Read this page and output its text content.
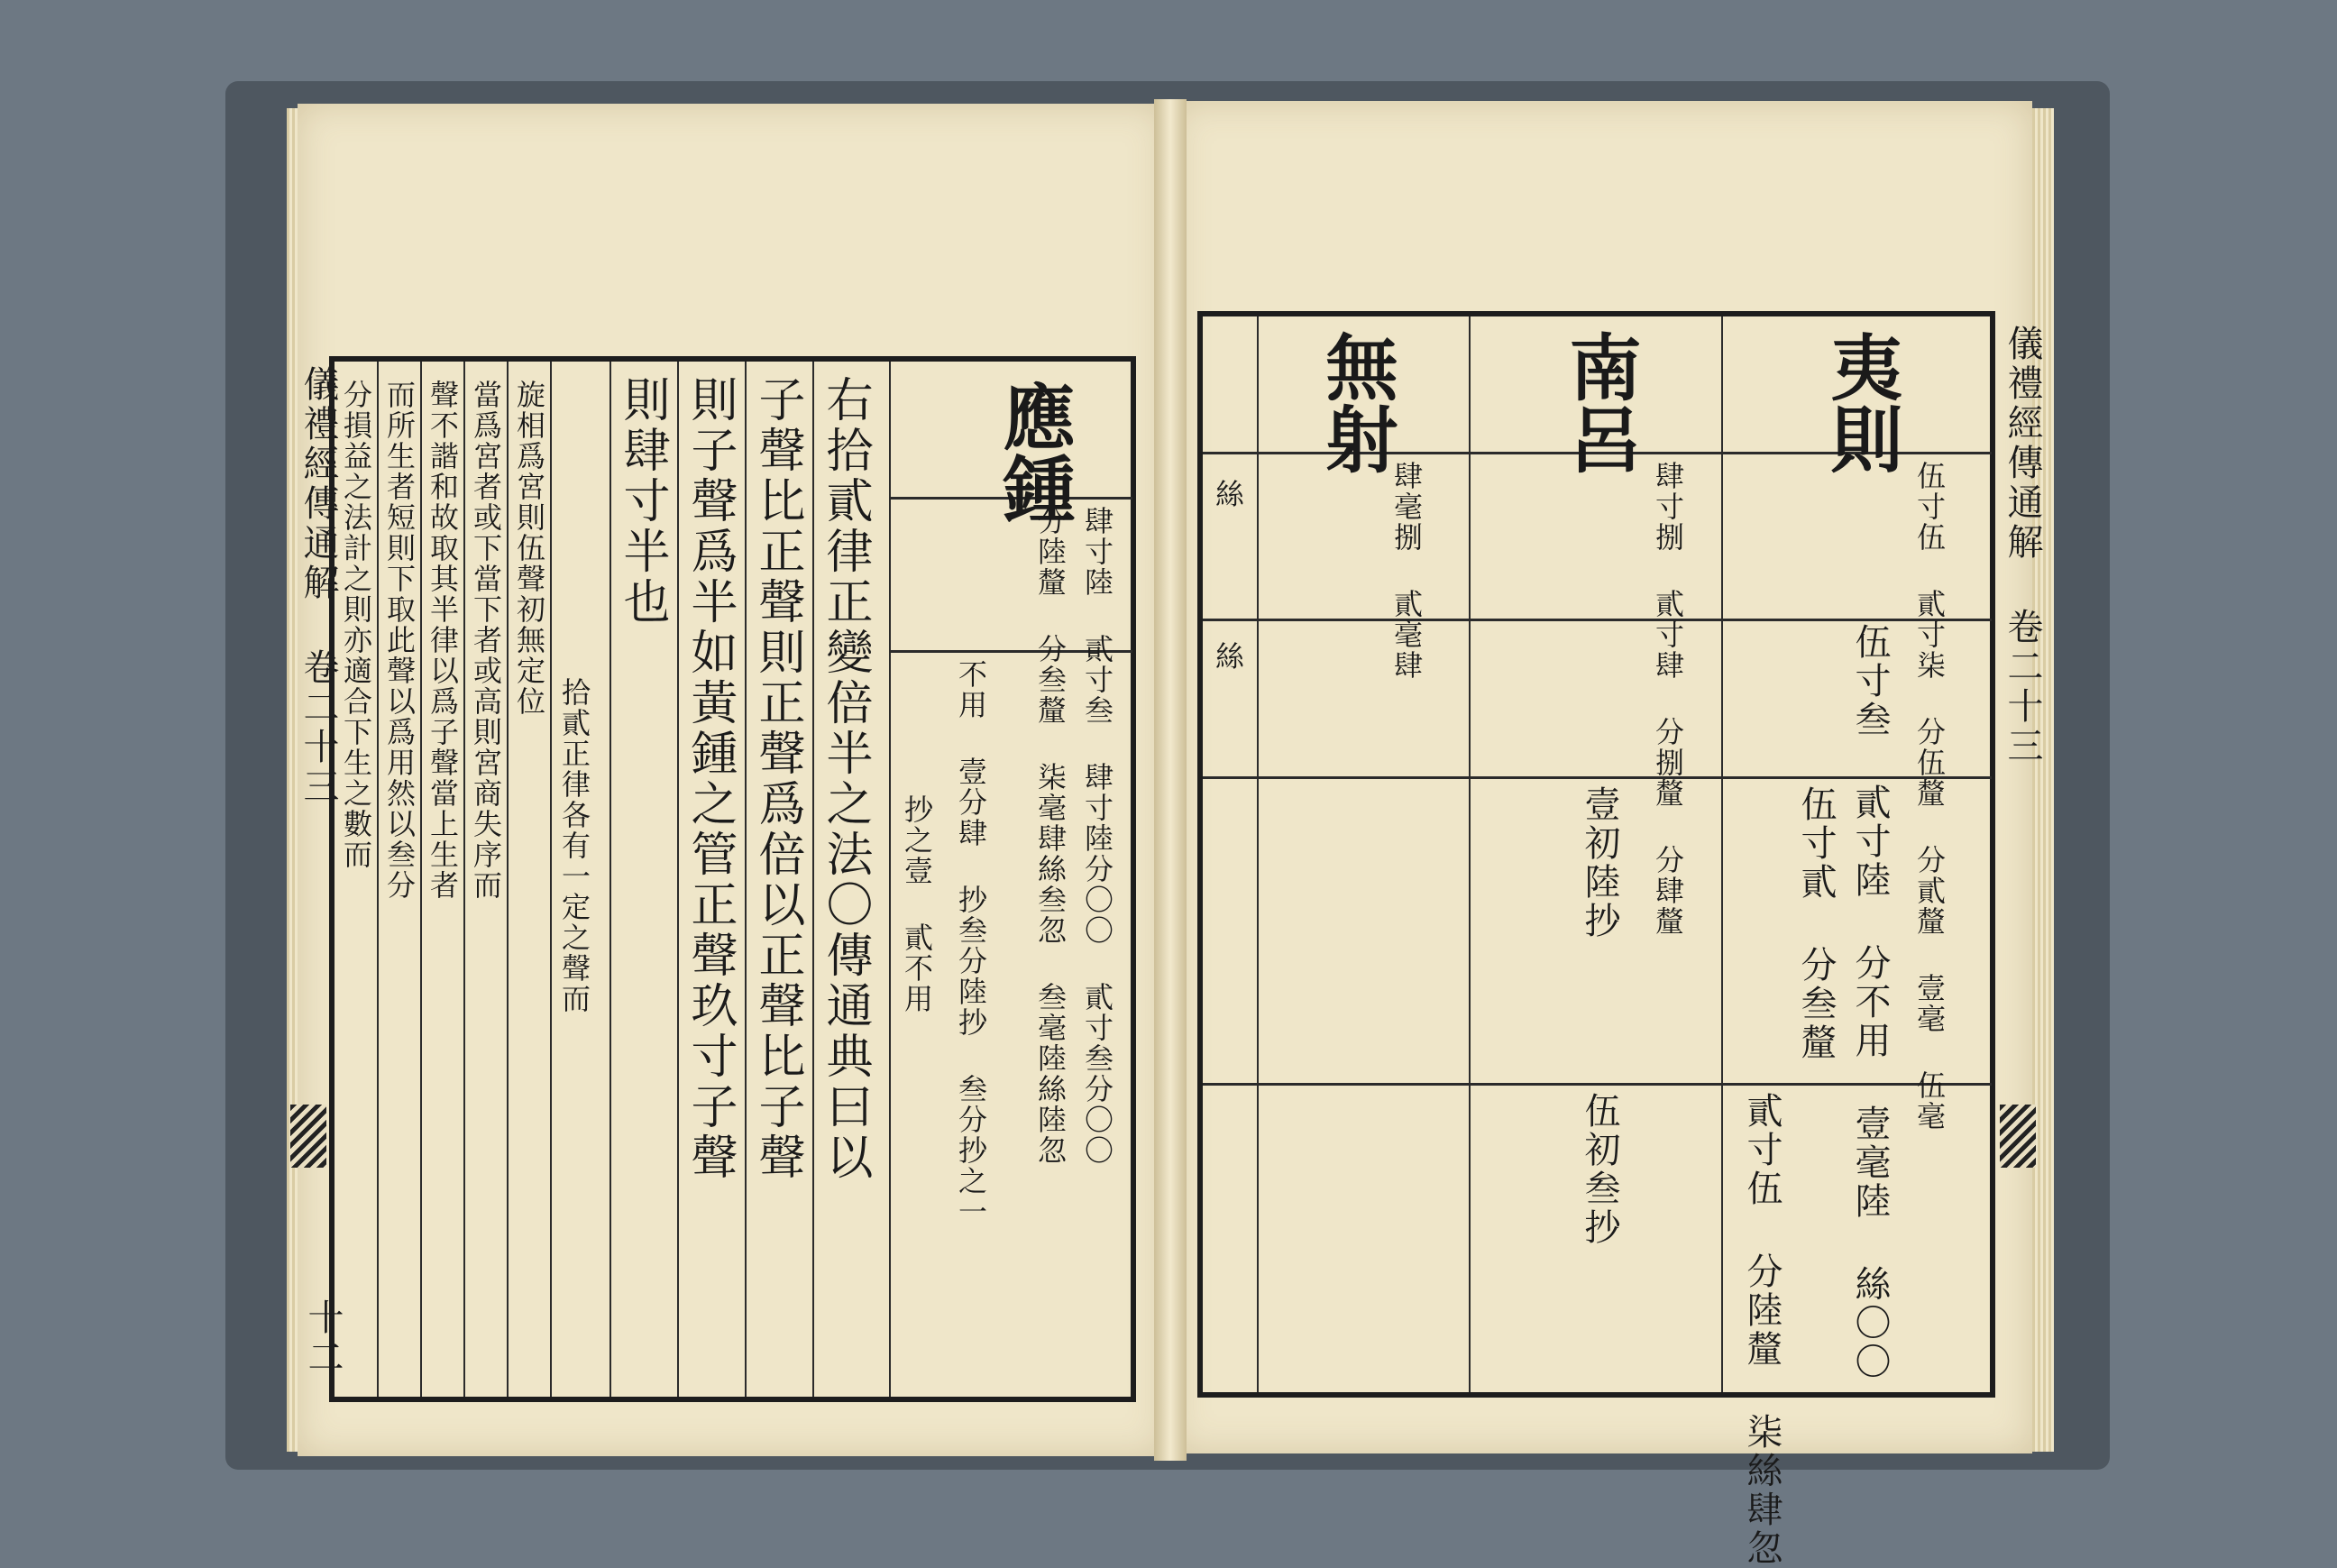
儀禮經傳通解 卷二十三
十二
拾貳正律各有一定之聲而
旋相爲宮則伍聲初無定位
當爲宮者或下當下者或高則宮商失序而
聲不諧和故取其半律以爲子聲當上生者
而所生者短則下取此聲以爲用然以叁分
分損益之法計之則亦適合下生之數而	右拾貳律正變倍半之法〇傳通典曰以
子聲比正聲則正聲爲倍以正聲比子聲
則子聲爲半如黃鍾之管正聲玖寸子聲
則肆寸半也	應鍾
肆寸陸 貳寸叁 肆寸陸分〇〇 貳寸叁分〇〇
分陸釐 分叁釐 柒毫肆絲叁忽 叁毫陸絲陸忽
不用 壹分肆 抄叁分陸抄 叁分抄之一
抄之壹 貳不用
儀禮經傳通解 卷二十三
夷則
南呂
無射
伍寸伍 貳寸柒 分伍釐 分貳釐 壹毫 伍毫
伍寸叁 貳寸陸 分不用 壹毫陸 絲〇〇
伍寸貳 分叁釐
貳寸伍 分陸釐 柒絲肆忽
肆寸捌 貳寸肆 分捌釐 分肆釐
壹初陸抄
伍初叁抄
肆毫捌 貳毫肆
絲
絲
